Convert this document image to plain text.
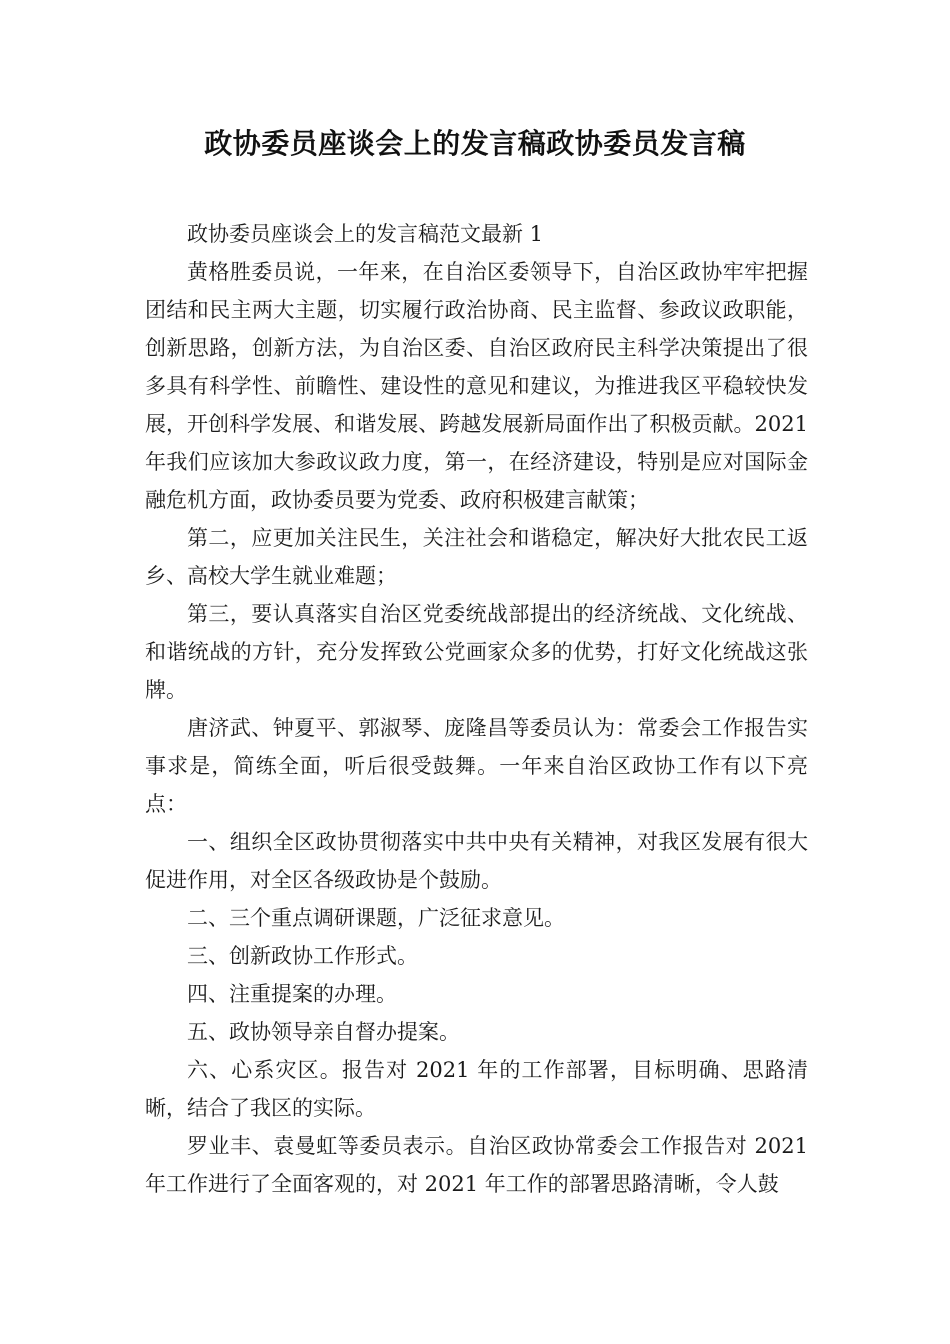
政协委员座谈会上的发言稿政协委员发言稿

政协委员座谈会上的发言稿范文最新 1

黄格胜委员说，一年来，在自治区委领导下，自治区政协牢牢把握团结和民主两大主题，切实履行政治协商、民主监督、参政议政职能，创新思路，创新方法，为自治区委、自治区政府民主科学决策提出了很多具有科学性、前瞻性、建设性的意见和建议，为推进我区平稳较快发展，开创科学发展、和谐发展、跨越发展新局面作出了积极贡献。2021 年我们应该加大参政议政力度，第一，在经济建设，特别是应对国际金融危机方面，政协委员要为党委、政府积极建言献策；

第二，应更加关注民生，关注社会和谐稳定，解决好大批农民工返乡、高校大学生就业难题；

第三，要认真落实自治区党委统战部提出的经济统战、文化统战、和谐统战的方针，充分发挥致公党画家众多的优势，打好文化统战这张牌。

唐济武、钟夏平、郭淑琴、庞隆昌等委员认为：常委会工作报告实事求是，简练全面，听后很受鼓舞。一年来自治区政协工作有以下亮点：

一、组织全区政协贯彻落实中共中央有关精神，对我区发展有很大促进作用，对全区各级政协是个鼓励。

二、三个重点调研课题，广泛征求意见。

三、创新政协工作形式。

四、注重提案的办理。

五、政协领导亲自督办提案。

六、心系灾区。报告对 2021 年的工作部署，目标明确、思路清晰，结合了我区的实际。

罗业丰、袁曼虹等委员表示。自治区政协常委会工作报告对 2021 年工作进行了全面客观的，对 2021 年工作的部署思路清晰，令人鼓
